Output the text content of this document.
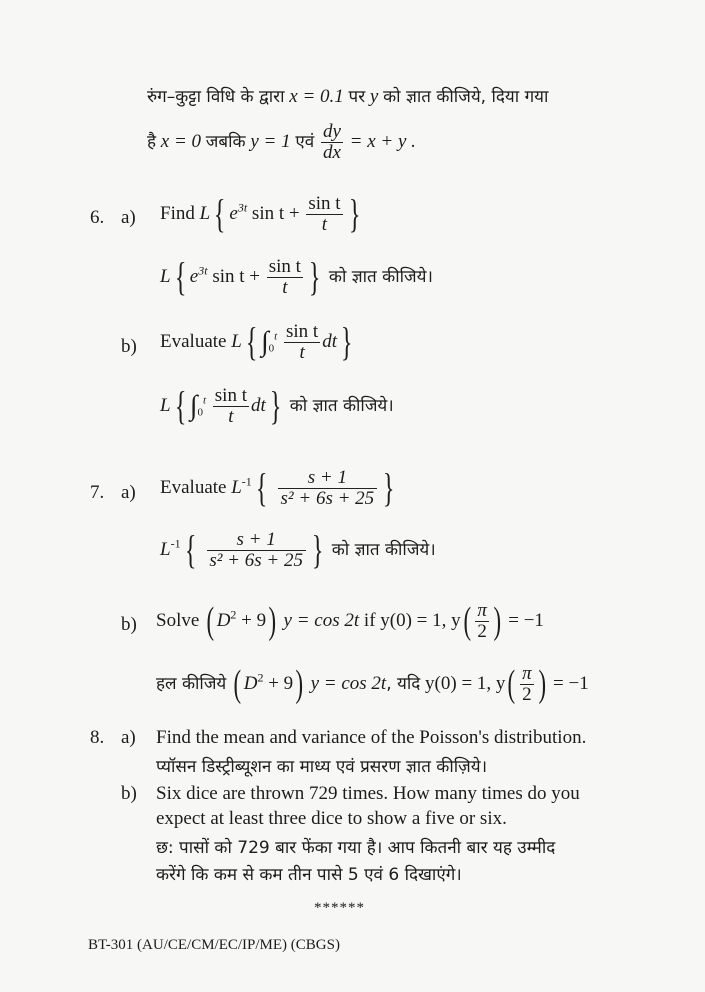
रुंग–कुट्टा विधि के द्वारा x = 0.1 पर y को ज्ञात कीजिये, दिया गया
है x = 0 जबकि y = 1 एवं $\frac{dy}{dx} = x + y$ .
6. a) Find L{ $e^{3t}$ $\sin t + \frac{\text{sin t}}{t}$ }
L{ $e^{3t}$ $\sin t + \frac{\text{sin t}}{t}$ } को ज्ञात कीजिये।
b) Evaluate L{ $\int_0^t \frac{\text{sin t}}{t} dt$}
L{ $\int_0^t \frac{\text{sin t}}{t} dt$} को ज्ञात कीजिये।
7. a) Evaluate $L^{-1}\{ \frac{s + 1}{\text{s² + 6s + 25}}$ }
$L^{-1}\{ \frac{s + 1}{\text{s² + 6s + 25}}$ } को ज्ञात कीजिये।
b) Solve ( $D^2 + 9$) y = cos 2t if y(0) = 1, $y( \frac{\pi}{2}$ ) = −1
हल कीजिये ( $D^2 + 9$) y = cos 2t, यदि y(0) = 1, $y( \frac{\pi}{2}$ ) = −1
8. a) Find the mean and variance of the Poisson's distribution.
प्यॉसन डिस्ट्रीब्यूशन का माध्य एवं प्रसरण ज्ञात कीज़िये।
b) Six dice are thrown 729 times. How many times do you
expect at least three dice to show a five or six.
छ: पासों को 729 बार फेंका गया है। आप कितनी बार यह उम्मीद
करेंगे कि कम से कम तीन पासे 5 एवं 6 दिखाएंगे।
******
BT-301 (AU/CE/CM/EC/IP/ME) (CBGS)
